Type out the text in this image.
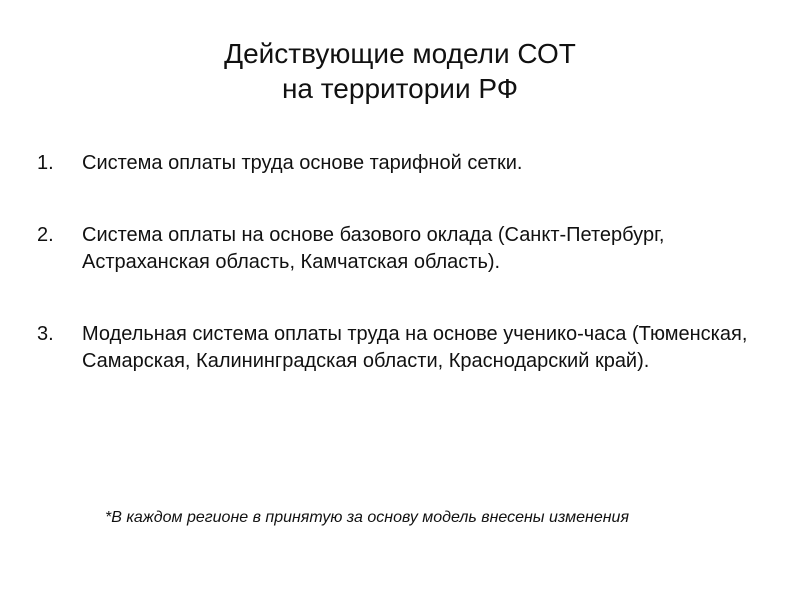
Действующие модели СОТ
на территории РФ
1. Система оплаты труда основе тарифной сетки.
2. Система оплаты на основе базового оклада (Санкт-Петербург, Астраханская область, Камчатская область).
3. Модельная система оплаты труда на основе ученико-часа (Тюменская, Самарская, Калининградская области, Краснодарский край).

*В каждом регионе в принятую за основу модель внесены изменения
